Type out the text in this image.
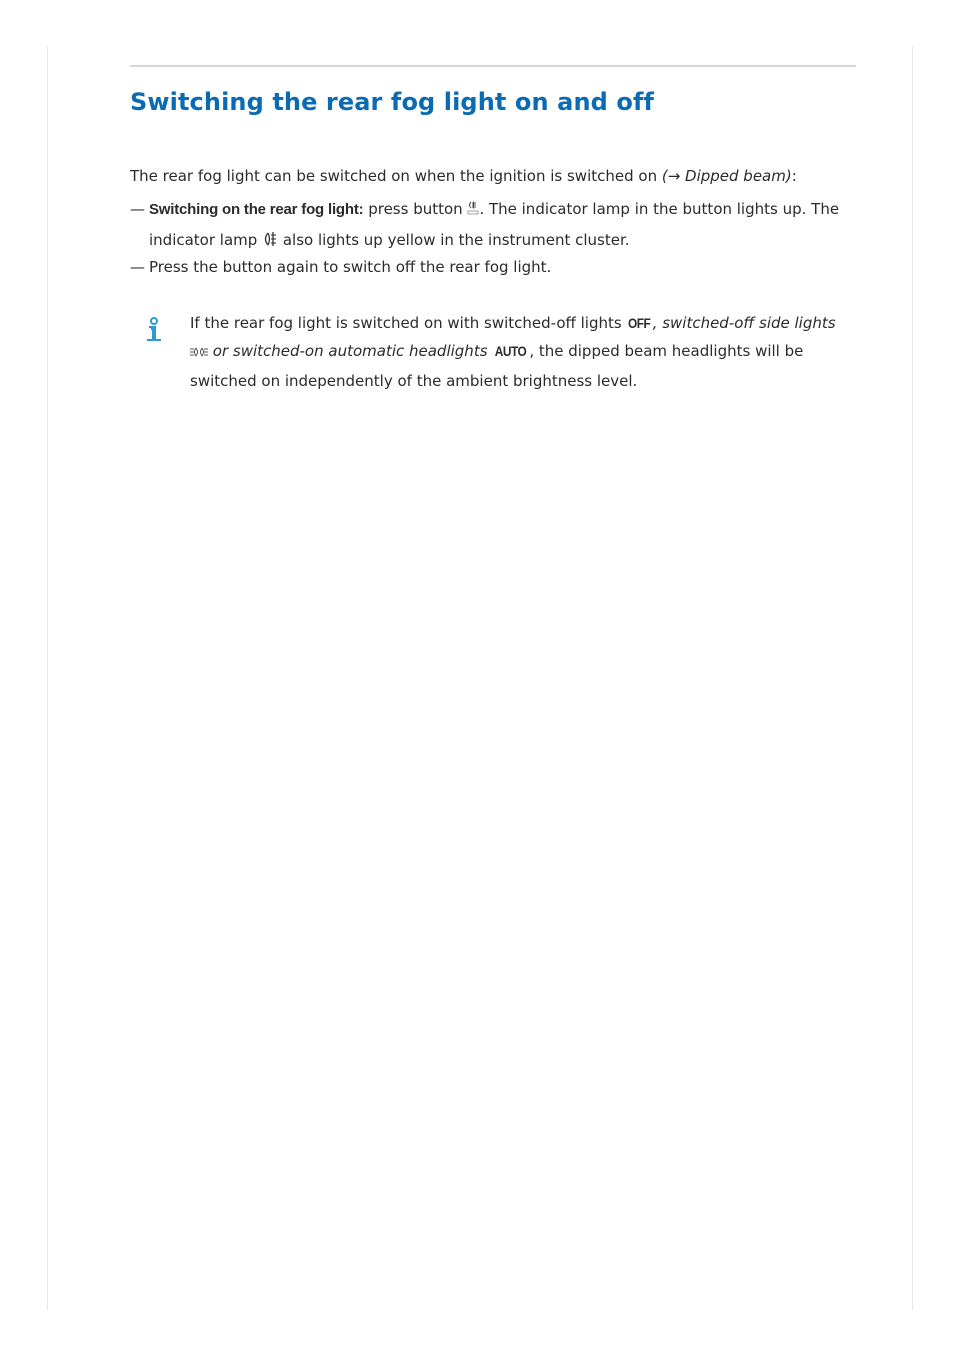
Switching the rear fog light on and off

The rear fog light can be switched on when the ignition is switched on (→ Dipped beam):

— Switching on the rear fog light: press button . The indicator lamp in the button lights up. The
indicator lamp  also lights up yellow in the instrument cluster.
— Press the button again to switch off the rear fog light.
If the rear fog light is switched on with switched-off lights OFF , switched-off side lights
or switched-on automatic headlights AUTO , the dipped beam headlights will be
switched on independently of the ambient brightness level.
